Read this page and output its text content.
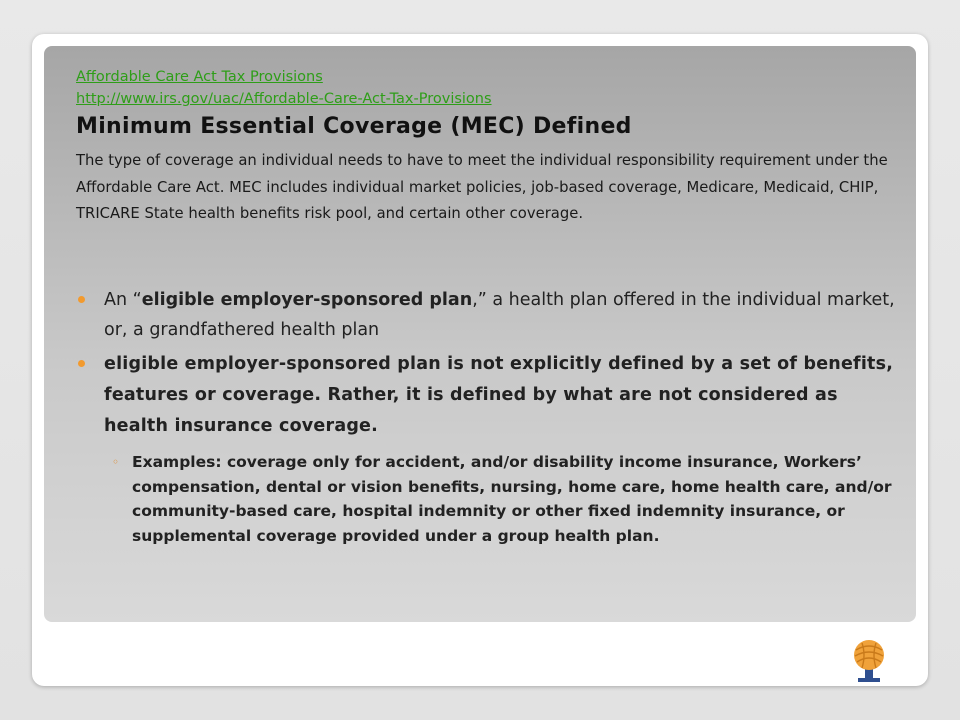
Affordable Care Act Tax Provisions
http://www.irs.gov/uac/Affordable-Care-Act-Tax-Provisions
Minimum Essential Coverage (MEC) Defined

The type of coverage an individual needs to have to meet the individual responsibility requirement under the Affordable Care Act. MEC includes individual market policies, job-based coverage, Medicare, Medicaid, CHIP, TRICARE State health benefits risk pool, and certain other coverage.

An “eligible employer-sponsored plan,” a health plan offered in the individual market, or, a grandfathered health plan
eligible employer-sponsored plan is not explicitly defined by a set of benefits, features or coverage. Rather, it is defined by what are not considered as health insurance coverage.
◦ Examples: coverage only for accident, and/or disability income insurance, Workers’ compensation, dental or vision benefits, nursing, home care, home health care, and/or community-based care, hospital indemnity or other fixed indemnity insurance, or supplemental coverage provided under a group health plan.
